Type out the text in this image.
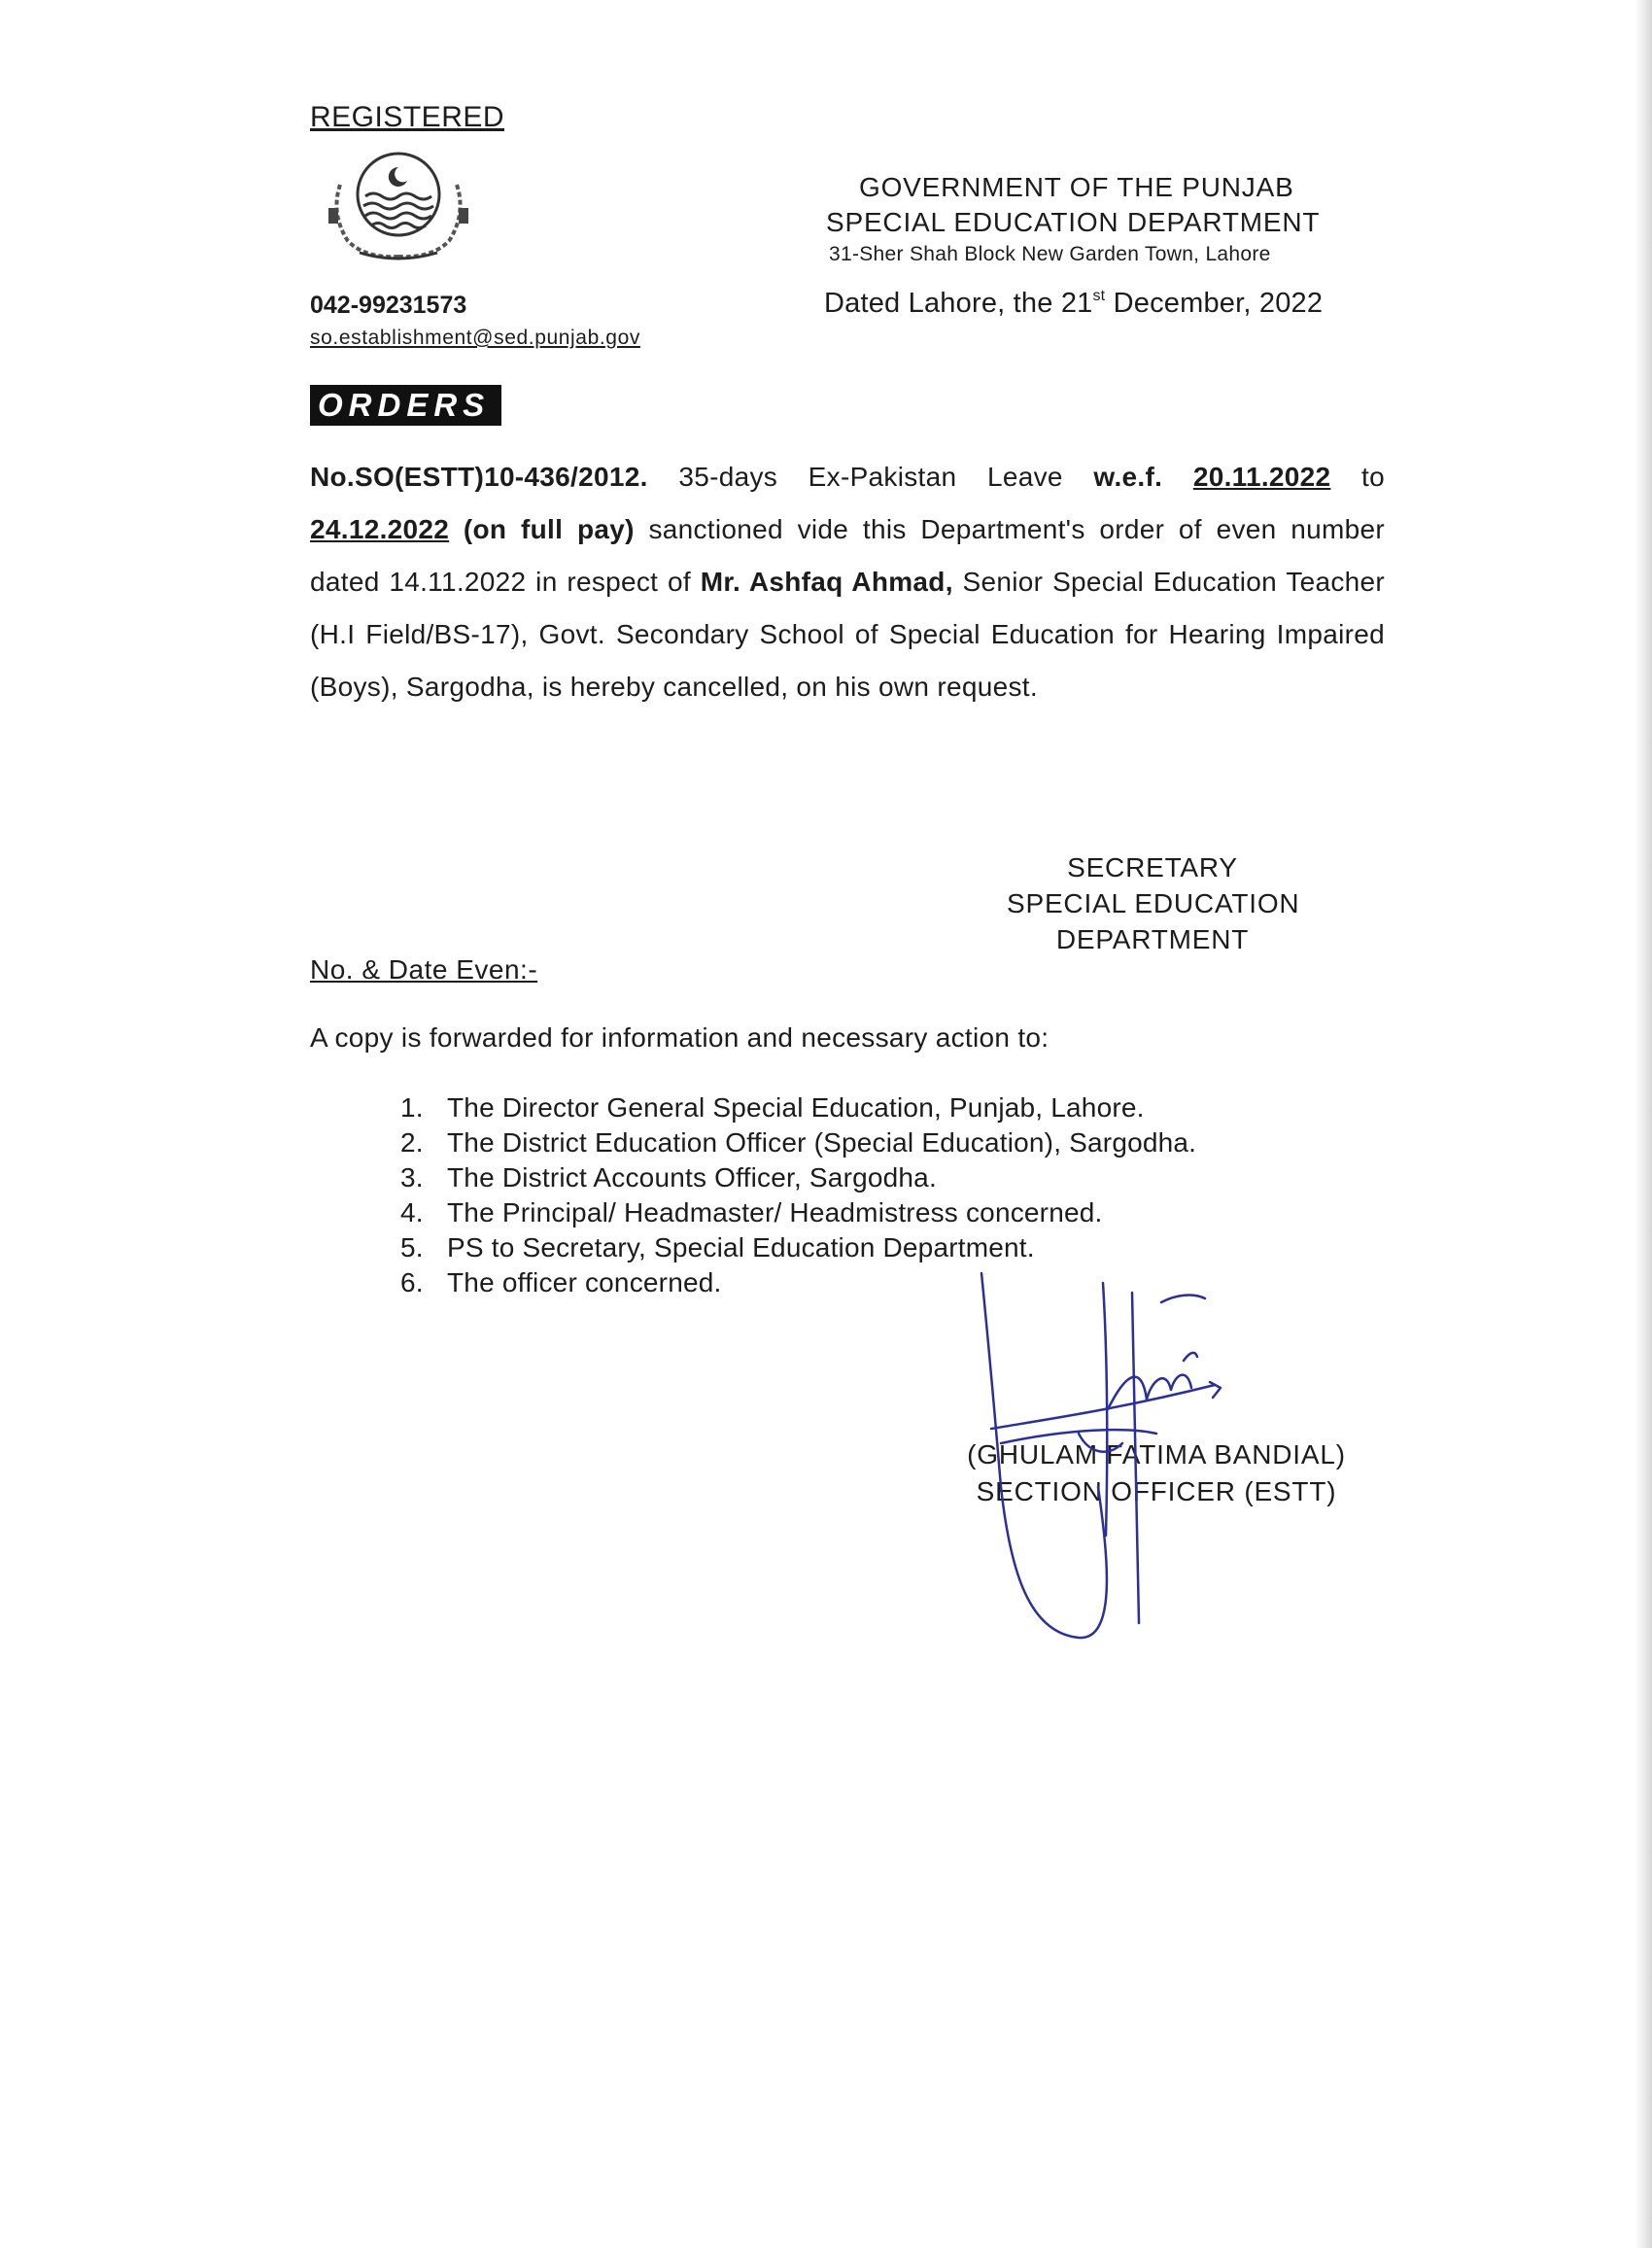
REGISTERED
042-99231573
so.establishment@sed.punjab.gov
GOVERNMENT OF THE PUNJAB
SPECIAL EDUCATION DEPARTMENT
31-Sher Shah Block New Garden Town, Lahore
Dated Lahore, the 21st December, 2022
ORDERS
No.SO(ESTT)10-436/2012. 35-days Ex-Pakistan Leave w.e.f. 20.11.2022 to 24.12.2022 (on full pay) sanctioned vide this Department's order of even number dated 14.11.2022 in respect of Mr. Ashfaq Ahmad, Senior Special Education Teacher (H.I Field/BS-17), Govt. Secondary School of Special Education for Hearing Impaired (Boys), Sargodha, is hereby cancelled, on his own request.
SECRETARY
SPECIAL EDUCATION
DEPARTMENT
No. & Date Even:-
A copy is forwarded for information and necessary action to:
1. The Director General Special Education, Punjab, Lahore.
2. The District Education Officer (Special Education), Sargodha.
3. The District Accounts Officer, Sargodha.
4. The Principal/ Headmaster/ Headmistress concerned.
5. PS to Secretary, Special Education Department.
6. The officer concerned.
(GHULAM FATIMA BANDIAL)
SECTION OFFICER (ESTT)
